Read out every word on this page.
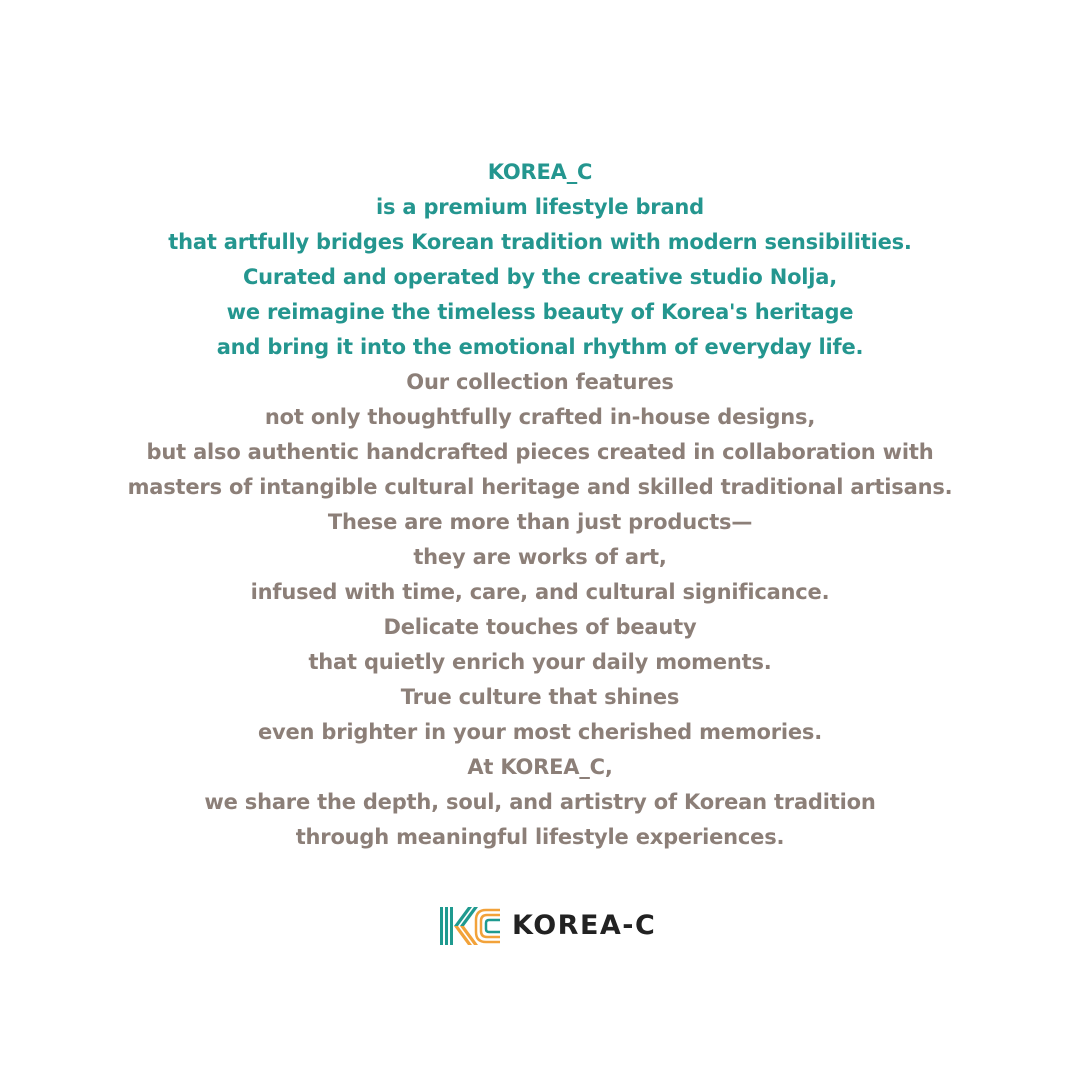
KOREA_C
is a premium lifestyle brand
that artfully bridges Korean tradition with modern sensibilities.
Curated and operated by the creative studio Nolja,
we reimagine the timeless beauty of Korea's heritage
and bring it into the emotional rhythm of everyday life.
Our collection features
not only thoughtfully crafted in-house designs,
but also authentic handcrafted pieces created in collaboration with
masters of intangible cultural heritage and skilled traditional artisans.
These are more than just products—
they are works of art,
infused with time, care, and cultural significance.
Delicate touches of beauty
that quietly enrich your daily moments.
True culture that shines
even brighter in your most cherished memories.
At KOREA_C,
we share the depth, soul, and artistry of Korean tradition
through meaningful lifestyle experiences.
KOREA-C
